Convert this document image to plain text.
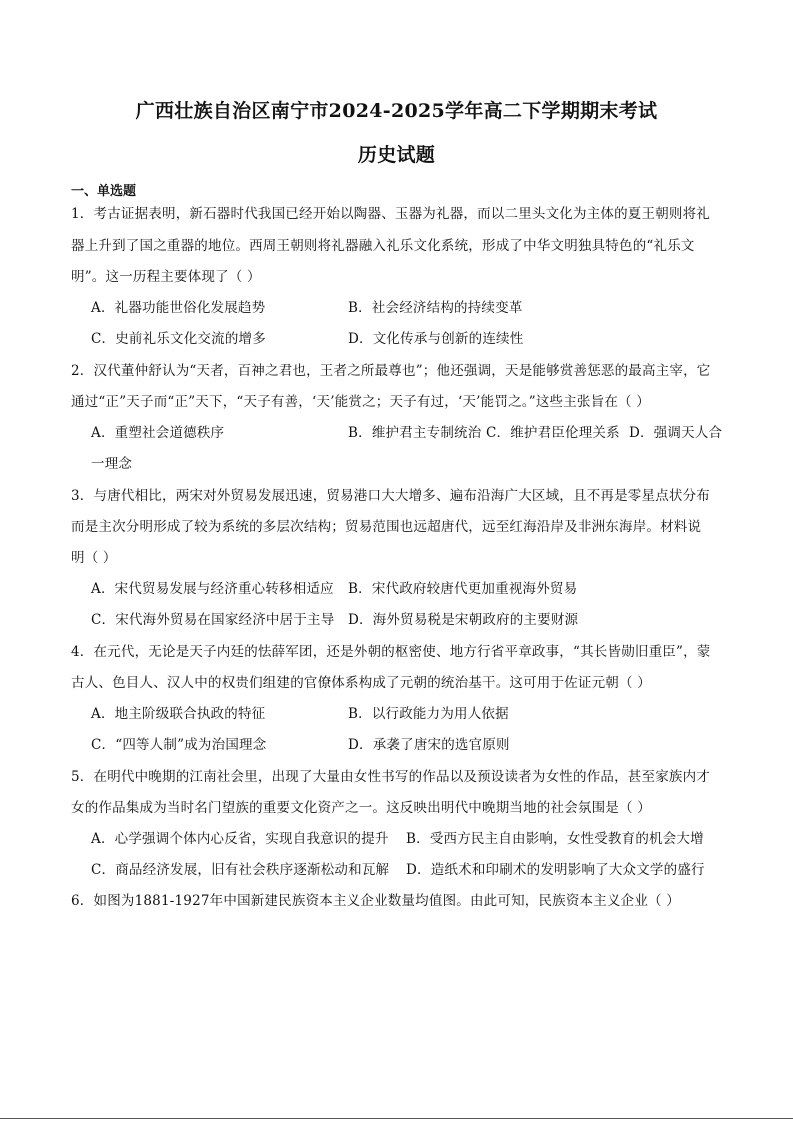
广西壮族自治区南宁市2024-2025学年高二下学期期末考试
历史试题
一、单选题
1．考古证据表明，新石器时代我国已经开始以陶器、玉器为礼器，而以二里头文化为主体的夏王朝则将礼
器上升到了国之重器的地位。西周王朝则将礼器融入礼乐文化系统，形成了中华文明独具特色的“礼乐文
明”。这一历程主要体现了（ ）
A．礼器功能世俗化发展趋势	B．社会经济结构的持续变革
C．史前礼乐文化交流的增多	D．文化传承与创新的连续性
2．汉代董仲舒认为“天者，百神之君也，王者之所最尊也”；他还强调，天是能够赏善惩恶的最高主宰，它
通过“正”天子而“正”天下，“天子有善，‘天’能赏之；天子有过，‘天’能罚之。”这些主张旨在（ ）
A．重塑社会道德秩序	B．维护君主专制统治 C．维护君臣伦理关系 D．强调天人合
一理念
3．与唐代相比，两宋对外贸易发展迅速，贸易港口大大增多、遍布沿海广大区域，且不再是零星点状分布
而是主次分明形成了较为系统的多层次结构；贸易范围也远超唐代，远至红海沿岸及非洲东海岸。材料说
明（ ）
A．宋代贸易发展与经济重心转移相适应 B．宋代政府较唐代更加重视海外贸易
C．宋代海外贸易在国家经济中居于主导 D．海外贸易税是宋朝政府的主要财源
4．在元代，无论是天子内廷的怯薛军团，还是外朝的枢密使、地方行省平章政事，“其长皆勋旧重臣”，蒙
古人、色目人、汉人中的权贵们组建的官僚体系构成了元朝的统治基干。这可用于佐证元朝（ ）
A．地主阶级联合执政的特征	B．以行政能力为用人依据
C．“四等人制”成为治国理念	D．承袭了唐宋的选官原则
5．在明代中晚期的江南社会里，出现了大量由女性书写的作品以及预设读者为女性的作品，甚至家族内才
女的作品集成为当时名门望族的重要文化资产之一。这反映出明代中晚期当地的社会氛围是（ ）
A．心学强调个体内心反省，实现自我意识的提升 B．受西方民主自由影响，女性受教育的机会大增
C．商品经济发展，旧有社会秩序逐渐松动和瓦解 D．造纸术和印刷术的发明影响了大众文学的盛行
6．如图为1881-1927年中国新建民族资本主义企业数量均值图。由此可知，民族资本主义企业（ ）
